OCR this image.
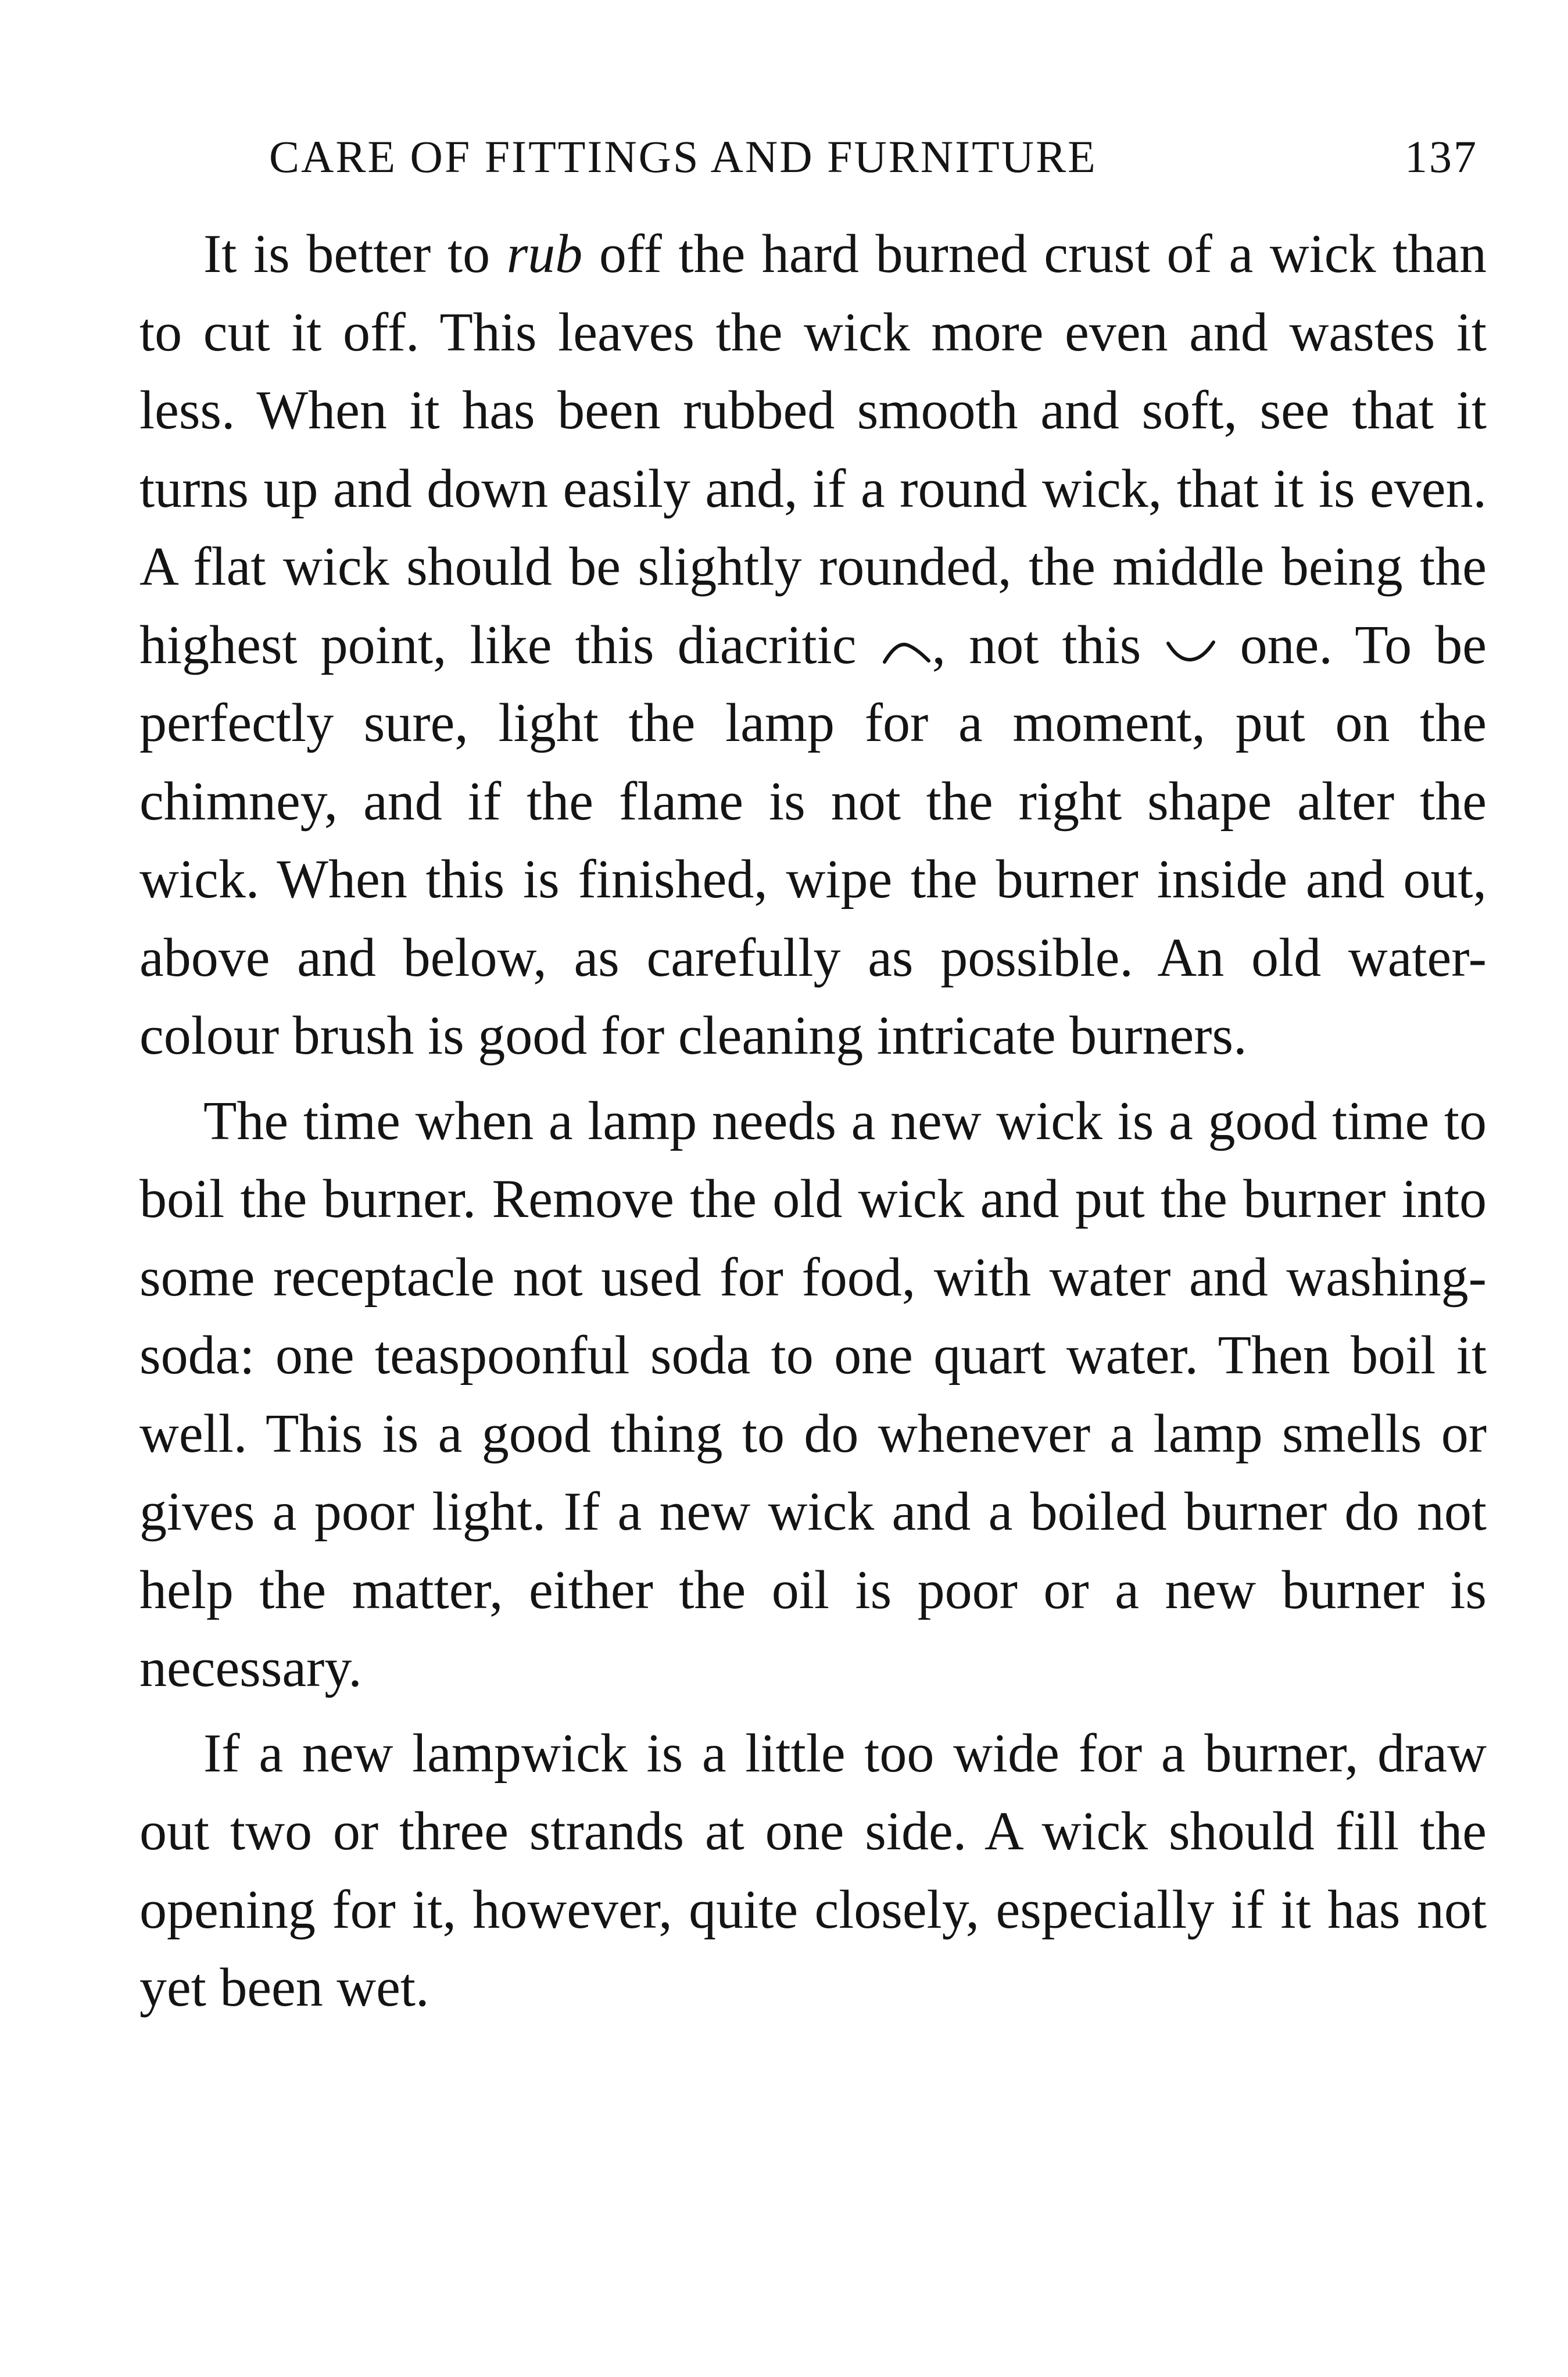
CARE OF FITTINGS AND FURNITURE	137

It is better to rub off the hard burned crust of a wick than to cut it off. This leaves the wick more even and wastes it less. When it has been rubbed smooth and soft, see that it turns up and down easily and, if a round wick, that it is even. A flat wick should be slightly rounded, the middle being the highest point, like this diacritic
, not this
one. To be perfectly sure, light the lamp for a moment, put on the chimney, and if the flame is not the right shape alter the wick. When this is finished, wipe the burner inside and out, above and below, as carefully as possible. An old water-colour brush is good for cleaning intricate burners.

The time when a lamp needs a new wick is a good time to boil the burner. Remove the old wick and put the burner into some receptacle not used for food, with water and washing-soda: one teaspoonful soda to one quart water. Then boil it well. This is a good thing to do whenever a lamp smells or gives a poor light. If a new wick and a boiled burner do not help the matter, either the oil is poor or a new burner is necessary.

If a new lampwick is a little too wide for a burner, draw out two or three strands at one side. A wick should fill the opening for it, however, quite closely, especially if it has not yet been wet.
